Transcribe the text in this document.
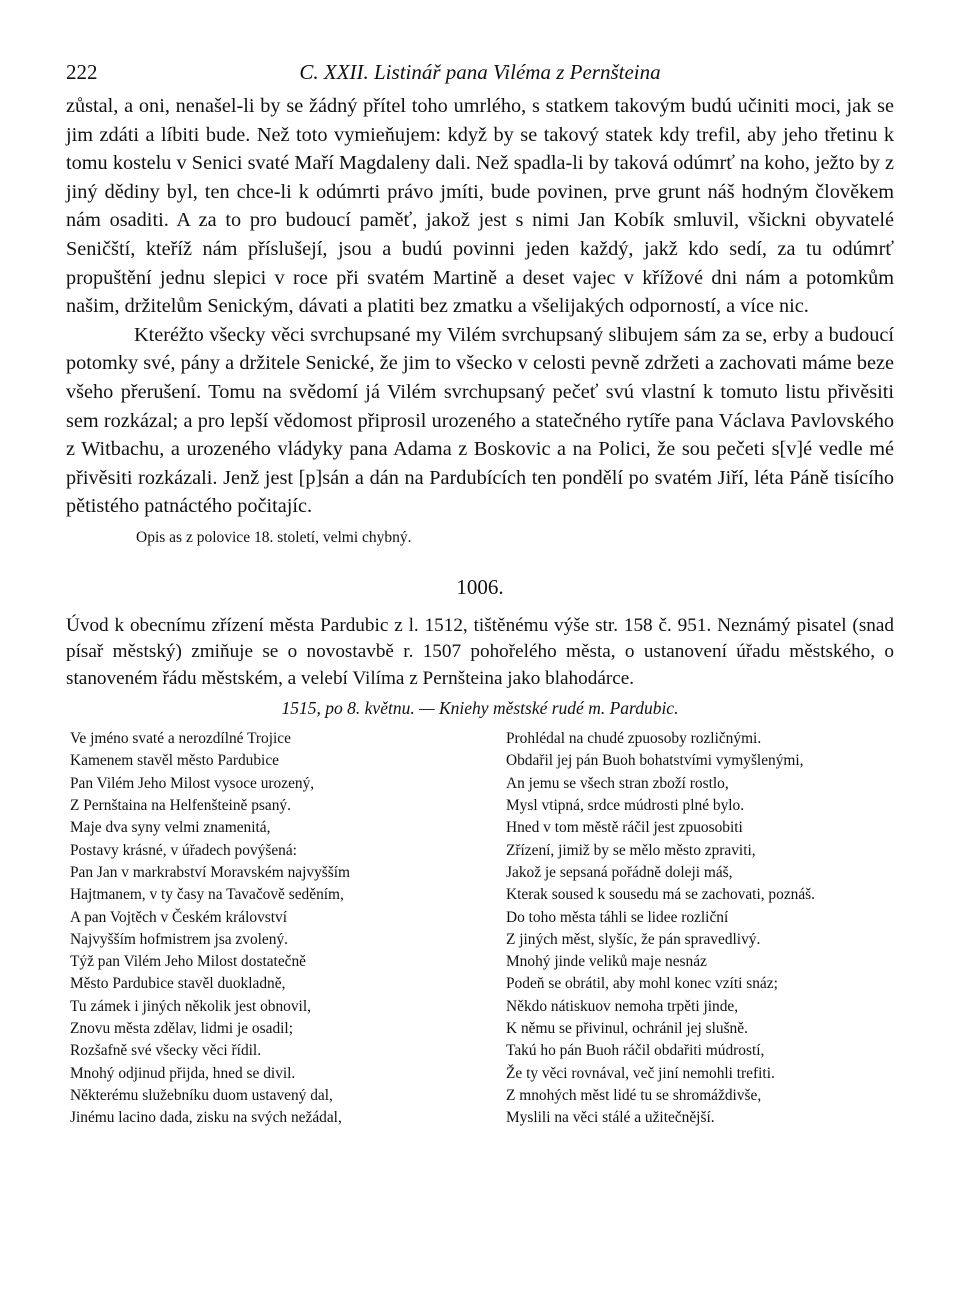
222	C. XXII. Listinář pana Viléma z Pernšteina

zůstal, a oni, nenašel-li by se žádný přítel toho umrlého, s statkem takovým budú učiniti moci, jak se jim zdáti a líbiti bude. Než toto vymieňujem: když by se takový statek kdy trefil, aby jeho třetinu k tomu kostelu v Senici svaté Maří Magdaleny dali. Než spadla-li by taková odúmrť na koho, ježto by z jiný dědiny byl, ten chce-li k odúmrti právo jmíti, bude povinen, prve grunt náš hodným člověkem nám osaditi. A za to pro budoucí paměť, jakož jest s nimi Jan Kobík smluvil, všickni obyvatelé Seničští, kteříž nám příslušejí, jsou a budú povinni jeden každý, jakž kdo sedí, za tu odúmrť propuštění jednu slepici v roce při svatém Martině a deset vajec v křížové dni nám a potomkům našim, držitelům Senickým, dávati a platiti bez zmatku a všelijakých odporností, a více nic.

Kteréžto všecky věci svrchupsané my Vilém svrchupsaný slibujem sám za se, erby a budoucí potomky své, pány a držitele Senické, že jim to všecko v celosti pevně zdržeti a zachovati máme beze všeho přerušení. Tomu na svědomí já Vilém svrchupsaný pečeť svú vlastní k tomuto listu přivěsiti sem rozkázal; a pro lepší vědomost připrosil urozeného a statečného rytíře pana Václava Pavlovského z Witbachu, a urozeného vládyky pana Adama z Boskovic a na Polici, že sou pečeti s[v]é vedle mé přivěsiti rozkázali. Jenž jest [p]sán a dán na Pardubících ten pondělí po svatém Jiří, léta Páně tisícího pětistého patnáctého počitajíc.

Opis as z polovice 18. století, velmi chybný.
1006.

Úvod k obecnímu zřízení města Pardubic z l. 1512, tištěnému výše str. 158 č. 951. Neznámý pisatel (snad písař městský) zmiňuje se o novostavbě r. 1507 pohořelého města, o ustanovení úřadu městského, o stanoveném řádu městském, a velebí Vilíma z Pernšteina jako blahodárce.

1515, po 8. květnu. — Kniehy městské rudé m. Pardubic.
Ve jméno svaté a nerozdílné Trojice
Kamenem stavěl město Pardubice
Pan Vilém Jeho Milost vysoce urozený,
Z Pernštaina na Helfenšteině psaný.
Maje dva syny velmi znamenitá,
Postavy krásné, v úřadech povýšená:
Pan Jan v markrabství Moravském najvyšším
Hajtmanem, v ty časy na Tavačově seděním,
A pan Vojtěch v Českém království
Najvyšším hofmistrem jsa zvolený.
Týž pan Vilém Jeho Milost dostatečně
Město Pardubice stavěl duokladně,
Tu zámek i jiných několik jest obnovil,
Znovu města zdělav, lidmi je osadil;
Rozšafně své všecky věci řídil.
Mnohý odjinud přijda, hned se divil.
Některému služebníku duom ustavený dal,
Jinému lacino dada, zisku na svých nežádal,
Prohlédal na chudé zpuosoby rozličnými.
Obdařil jej pán Buoh bohatstvími vymyšlenými,
An jemu se všech stran zboží rostlo,
Mysl vtipná, srdce múdrosti plné bylo.
Hned v tom městě ráčil jest zpuosobiti
Zřízení, jimiž by se mělo město zpraviti,
Jakož je sepsaná pořádně doleji máš,
Kterak soused k sousedu má se zachovati, poznáš.
Do toho města táhli se lidee rozliční
Z jiných měst, slyšíc, že pán spravedlivý.
Mnohý jinde veliků maje nesnáz
Podeň se obrátil, aby mohl konec vzíti snáz;
Někdo nátiskuov nemoha trpěti jinde,
K němu se přivinul, ochránil jej slušně.
Takú ho pán Buoh ráčil obdařiti múdrostí,
Že ty věci rovnával, več jiní nemohli trefiti.
Z mnohých měst lidé tu se shromáždivše,
Myslili na věci stálé a užitečnější.
